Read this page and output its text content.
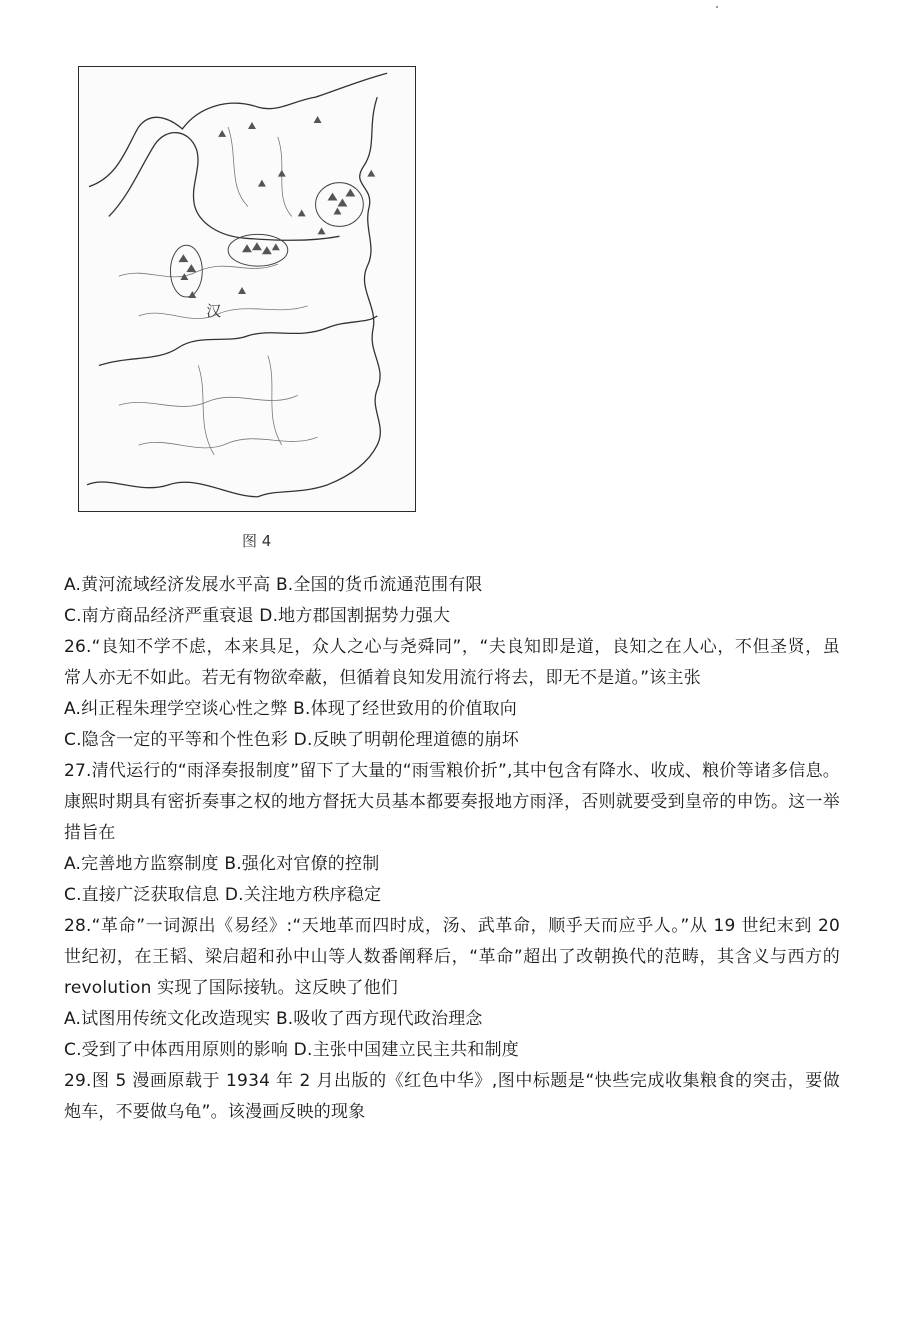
汉
图 4
A.黄河流域经济发展水平高 B.全国的货币流通范围有限
C.南方商品经济严重衰退 D.地方郡国割据势力强大
26.“良知不学不虑，本来具足，众人之心与尧舜同”，“夫良知即是道，良知之在人心，不但圣贤，虽常人亦无不如此。若无有物欲牵蔽，但循着良知发用流行将去，即无不是道。”该主张
A.纠正程朱理学空谈心性之弊 B.体现了经世致用的价值取向
C.隐含一定的平等和个性色彩 D.反映了明朝伦理道德的崩坏
27.清代运行的“雨泽奏报制度”留下了大量的“雨雪粮价折”,其中包含有降水、收成、粮价等诸多信息。康熙时期具有密折奏事之权的地方督抚大员基本都要奏报地方雨泽，否则就要受到皇帝的申饬。这一举措旨在
A.完善地方监察制度 B.强化对官僚的控制
C.直接广泛获取信息 D.关注地方秩序稳定
28.“革命”一词源出《易经》:“天地革而四时成，汤、武革命，顺乎天而应乎人。”从 19 世纪末到 20 世纪初，在王韬、梁启超和孙中山等人数番阐释后，“革命”超出了改朝换代的范畴，其含义与西方的 revolution 实现了国际接轨。这反映了他们
A.试图用传统文化改造现实 B.吸收了西方现代政治理念
C.受到了中体西用原则的影响 D.主张中国建立民主共和制度
29.图 5 漫画原载于 1934 年 2 月出版的《红色中华》,图中标题是“快些完成收集粮食的突击，要做炮车，不要做乌龟”。该漫画反映的现象
